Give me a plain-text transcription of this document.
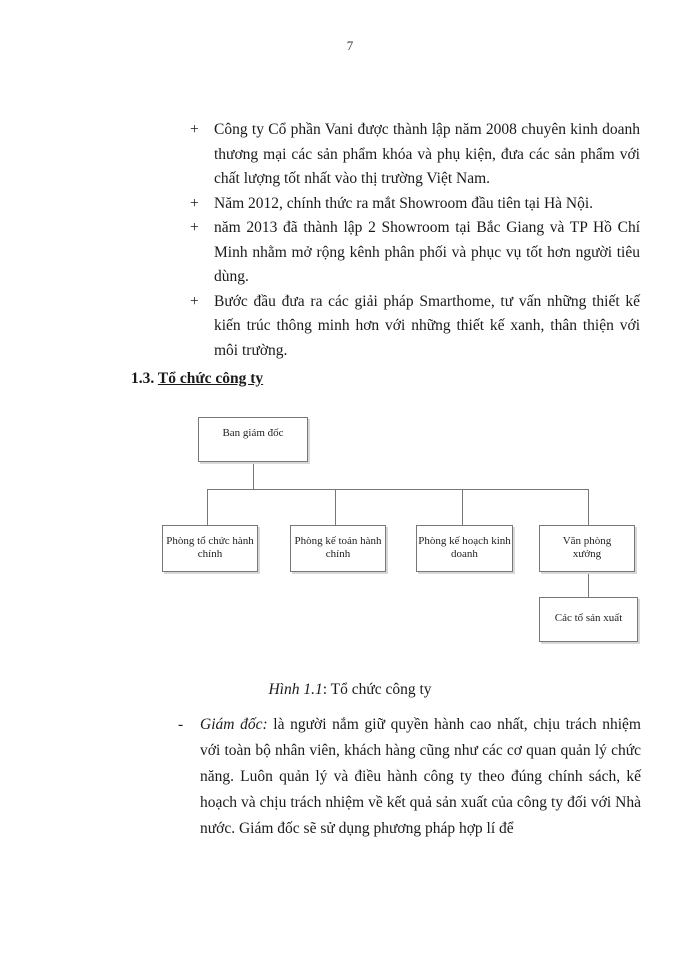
7
+ Công ty Cổ phần Vani được thành lập năm 2008 chuyên kinh doanh thương mại các sản phẩm khóa và phụ kiện, đưa các sản phẩm với chất lượng tốt nhất vào thị trường Việt Nam.
+ Năm 2012, chính thức ra mắt Showroom đầu tiên tại Hà Nội.
+ năm 2013 đã thành lập 2 Showroom tại Bắc Giang và TP Hồ Chí Minh nhằm mở rộng kênh phân phối và phục vụ tốt hơn người tiêu dùng.
+ Bước đầu đưa ra các giải pháp Smarthome, tư vấn những thiết kế kiến trúc thông minh hơn với những thiết kế xanh, thân thiện với môi trường.
1.3. Tổ chức công ty
Ban giám đốc
Phòng tổ chức hành chính
Phòng kế toán hành chính
Phòng kế hoạch kinh doanh
Văn phòng xưởng
Các tổ sản xuất
Hình 1.1: Tổ chức công ty
-	Giám đốc: là người nắm giữ quyền hành cao nhất, chịu trách nhiệm với toàn bộ nhân viên, khách hàng cũng như các cơ quan quản lý chức năng. Luôn quản lý và điều hành công ty theo đúng chính sách, kế hoạch và chịu trách nhiệm về kết quả sản xuất của công ty đối với Nhà nước. Giám đốc sẽ sử dụng phương pháp hợp lí để
